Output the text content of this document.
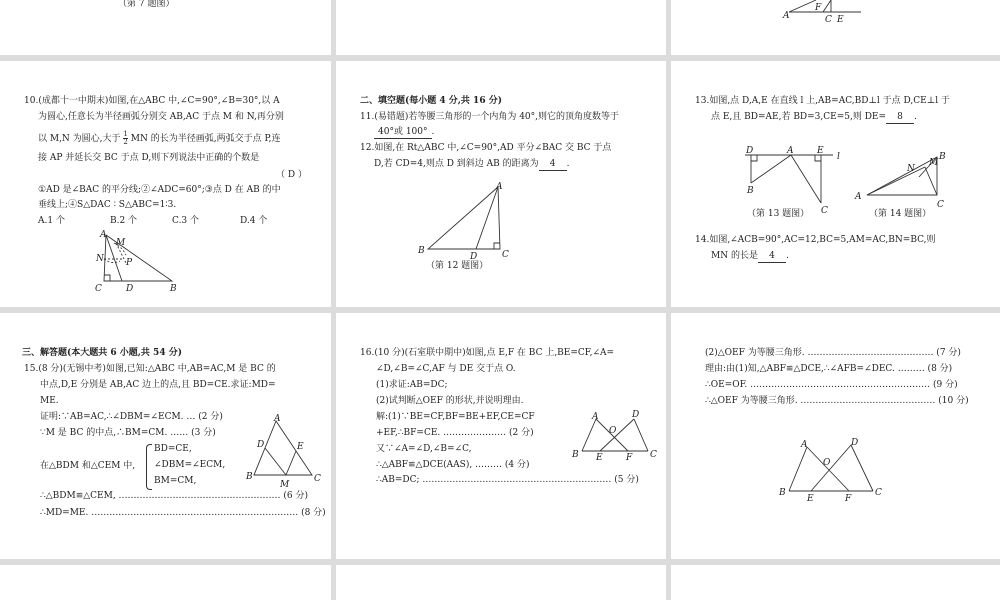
（第 7 题图）
A
F
C E
10.(成都十一中期末)如图,在△ABC 中,∠C=90°,∠B=30°,以 A
为圆心,任意长为半径画弧分别交 AB,AC 于点 M 和 N,再分别
以 M,N 为圆心,大于 $\frac{1}{2}$ MN 的长为半径画弧,两弧交于点 P,连
接 AP 并延长交 BC 于点 D,则下列说法中正确的个数是
（ D ）
①AD 是∠BAC 的平分线;②∠ADC=60°;③点 D 在 AB 的中
垂线上;④S△DAC ∶ S△ABC=1∶3.
A.1 个	B.2 个	C.3 个	D.4 个
A
M
N P
C	D	B
二、填空题(每小题 4 分,共 16 分)
11.(易错题)若等腰三角形的一个内角为 40°,则它的顶角度数等于
40°或 100° .
12.如图,在 Rt△ABC 中,∠C=90°,AD 平分∠BAC 交 BC 于点
D,若 CD=4,则点 D 到斜边 AB 的距离为 4 .
A
B
D	C
（第 12 题图）
13.如图,点 D,A,E 在直线 l 上,AB=AC,BD⊥l 于点 D,CE⊥l 于
点 E,且 BD=AE,若 BD=3,CE=5,则 DE= 8 .
D	A	E
l
B
C
M
B
N
A
C
（第 13 题图）	（第 14 题图）
14.如图,∠ACB=90°,AC=12,BC=5,AM=AC,BN=BC,则
MN 的长是 4 .
三、解答题(本大题共 6 小题,共 54 分)
15.(8 分)(无锡中考)如图,已知:△ABC 中,AB=AC,M 是 BC 的
中点,D,E 分别是 AB,AC 边上的点,且 BD=CE.求证:MD=
ME.
证明:∵AB=AC,∴∠DBM=∠ECM. … (2 分)
∵M 是 BC 的中点,∴BM=CM. …… (3 分)
在△BDM 和△CEM 中,
BD=CE,
∠DBM=∠ECM,
BM=CM,
∴△BDM≌△CEM, ……………………………………………… (6 分)
∴MD=ME. …………………………………………………………… (8 分)
A
D	E
B
M
C
16.(10 分)(石室联中期中)如图,点 E,F 在 BC 上,BE=CF,∠A=
∠D,∠B=∠C,AF 与 DE 交于点 O.
(1)求证:AB=DC;
(2)试判断△OEF 的形状,并说明理由.
解:(1)∵BE=CF,BF=BE+EF,CE=CF
+EF,∴BF=CE. ………………… (2 分)
又∵∠A=∠D,∠B=∠C,
∴△ABF≌△DCE(AAS), ……… (4 分)
∴AB=DC; ……………………………………………………… (5 分)
A	D
O
B E	F C
(2)△OEF 为等腰三角形. …………………………………… (7 分)
理由:由(1)知,△ABF≌△DCE,∴∠AFB=∠DEC. ……… (8 分)
∴OE=OF. …………………………………………………… (9 分)
∴△OEF 为等腰三角形. ……………………………………… (10 分)
A	D
O
B
E	F
C
